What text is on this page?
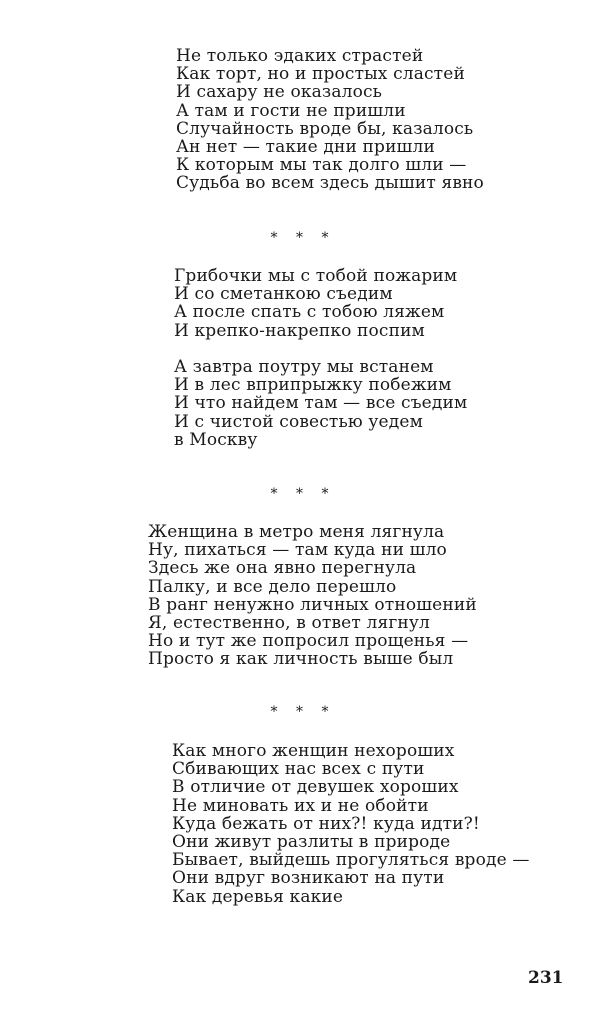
Не только эдаких страстей
Как торт, но и простых сластей
И сахару не оказалось
А там и гости не пришли
Случайность вроде бы, казалось
Ан нет — такие дни пришли
К которым мы так долго шли —
Судьба во всем здесь дышит явно
* * *
Грибочки мы с тобой пожарим
И со сметанкою съедим
А после спать с тобою ляжем
И крепко-накрепко поспим
А завтра поутру мы встанем
И в лес вприпрыжку побежим
И что найдем там — все съедим
И с чистой совестью уедем
в Москву
* * *
Женщина в метро меня лягнула
Ну, пихаться — там куда ни шло
Здесь же она явно перегнула
Палку, и все дело перешло
В ранг ненужно личных отношений
Я, естественно, в ответ лягнул
Но и тут же попросил прощенья —
Просто я как личность выше был
* * *
Как много женщин нехороших
Сбивающих нас всех с пути
В отличие от девушек хороших
Не миновать их и не обойти
Куда бежать от них?! куда идти?!
Они живут разлиты в природе
Бывает, выйдешь прогуляться вроде —
Они вдруг возникают на пути
Как деревья какие
231
